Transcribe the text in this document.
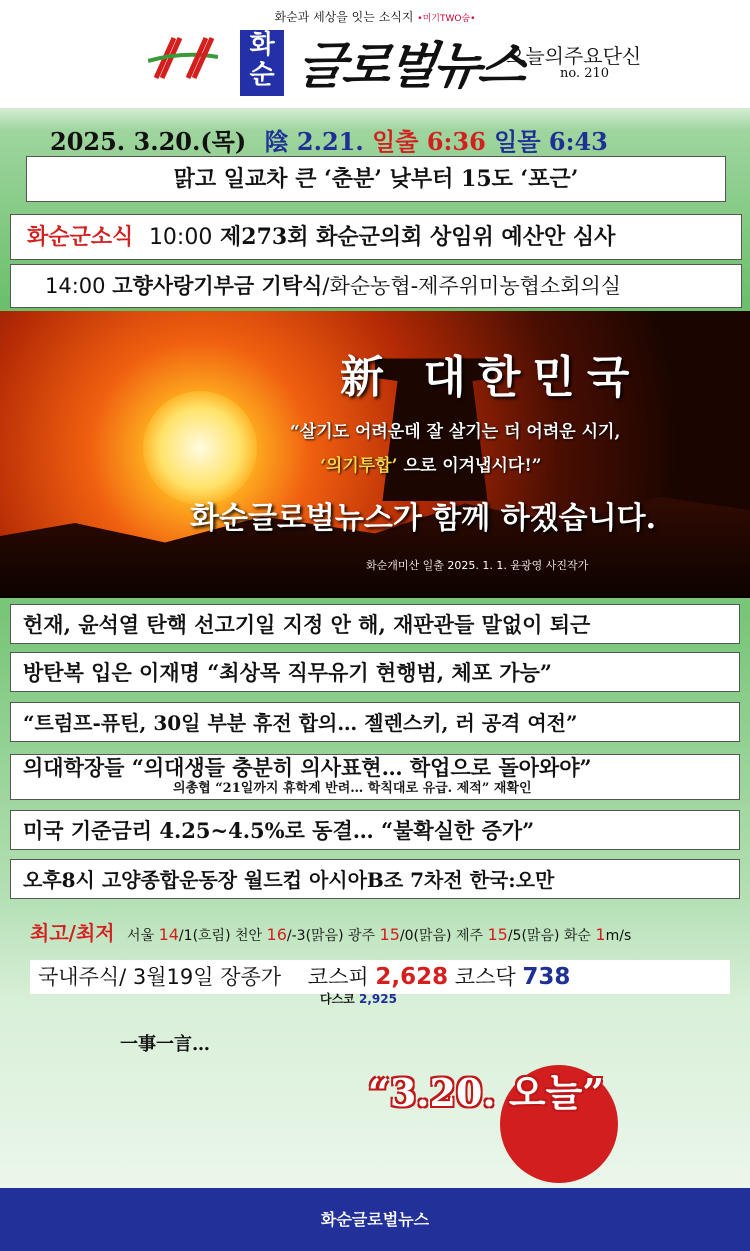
화순과 세상을 잇는 소식지 •미기TWO숨•
화순 글로벌뉴스
오늘의주요단신
no. 210
2025. 3.20.(목) 陰 2.21. 일출 6:36 일몰 6:43
맑고 일교차 큰 ‘춘분’ 낮부터 15도 ‘포근’
화순군소식 10:00 제273회 화순군의회 상임위 예산안 심사
14:00 고향사랑기부금 기탁식/화순농협-제주위미농협소회의실
新 대한민국
“살기도 어려운데 잘 살기는 더 어려운 시기,
‘의기투합’ 으로 이겨냅시다!”
화순글로벌뉴스가 함께 하겠습니다.
화순개미산 일출 2025. 1. 1. 윤광영 사진작가
헌재, 윤석열 탄핵 선고기일 지정 안 해, 재판관들 말없이 퇴근
방탄복 입은 이재명 “최상목 직무유기 현행범, 체포 가능”
“트럼프-퓨틴, 30일 부분 휴전 합의… 젤렌스키, 러 공격 여전”
의대학장들 “의대생들 충분히 의사표현… 학업으로 돌아와야”
의총협 “21일까지 휴학계 반려… 학칙대로 유급. 제적” 재확인
미국 기준금리 4.25~4.5%로 동결… “불확실한 증가”
오후8시 고양종합운동장 월드컵 아시아B조 7차전 한국:오만
최고/최저 서울 14/1(흐림) 천안 16/-3(맑음) 광주 15/0(맑음) 제주 15/5(맑음) 화순 1m/s
국내주식/ 3월19일 장종가 코스피 2,628 코스닥 738
다스코 2,925
一事一言…
“3.20. 오늘”
화순글로벌뉴스
